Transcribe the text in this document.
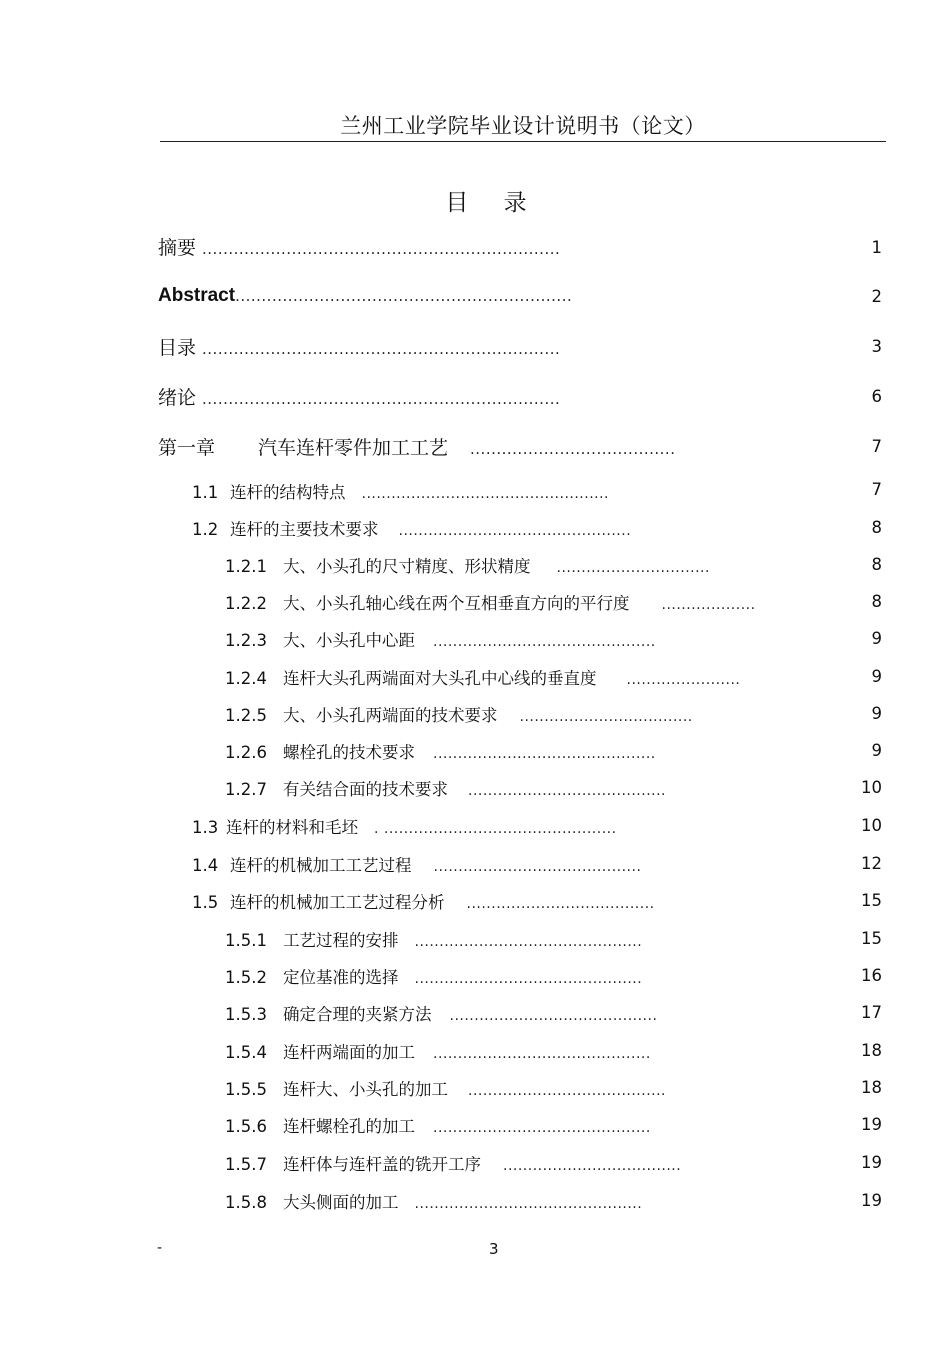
兰州工业学院毕业设计说明书（论文）
目 录
摘要 ....................................................................	1
Abstract ................................................................	2
目录 ....................................................................	3
绪论 ....................................................................	6
第一章	汽车连杆零件加工工艺 .......................................	7
1.1 连杆的结构特点 ..................................................	7
1.2 连杆的主要技术要求 ...............................................	8
1.2.1 大、小头孔的尺寸精度、形状精度 ...............................	8
1.2.2 大、小头孔轴心线在两个互相垂直方向的平行度 ...................	8
1.2.3 大、小头孔中心距 .............................................	9
1.2.4 连杆大头孔两端面对大头孔中心线的垂直度 .......................	9
1.2.5 大、小头孔两端面的技术要求 ...................................	9
1.2.6 螺栓孔的技术要求 .............................................	9
1.2.7 有关结合面的技术要求 ........................................	10
1.3 连杆的材料和毛坯 . ...............................................	10
1.4 连杆的机械加工工艺过程 ..........................................	12
1.5 连杆的机械加工工艺过程分析 ......................................	15
1.5.1 工艺过程的安排 ..............................................	15
1.5.2 定位基准的选择 ..............................................	16
1.5.3 确定合理的夹紧方法 ..........................................	17
1.5.4 连杆两端面的加工 ............................................	18
1.5.5 连杆大、小头孔的加工 ........................................	18
1.5.6 连杆螺栓孔的加工 ............................................	19
1.5.7 连杆体与连杆盖的铣开工序 ....................................	19
1.5.8 大头侧面的加工 ..............................................	19
-	3
